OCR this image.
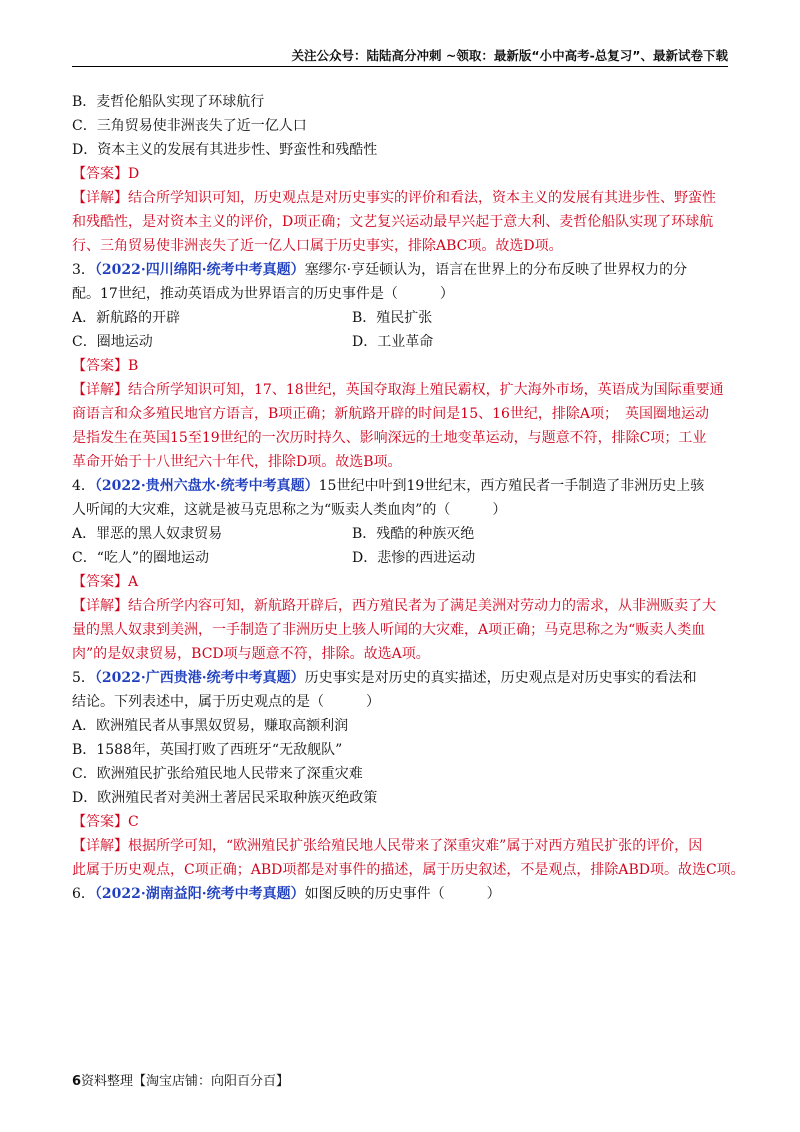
关注公众号：陆陆高分冲刺 ~领取：最新版“小中高考-总复习”、最新试卷下载
B．麦哲伦船队实现了环球航行
C．三角贸易使非洲丧失了近一亿人口
D．资本主义的发展有其进步性、野蛮性和残酷性
【答案】D
【详解】结合所学知识可知，历史观点是对历史事实的评价和看法，资本主义的发展有其进步性、野蛮性
和残酷性，是对资本主义的评价，D项正确；文艺复兴运动最早兴起于意大利、麦哲伦船队实现了环球航
行、三角贸易使非洲丧失了近一亿人口属于历史事实，排除ABC项。故选D项。
3．（2022·四川绵阳·统考中考真题）塞缪尔·亨廷顿认为，语言在世界上的分布反映了世界权力的分
配。17世纪，推动英语成为世界语言的历史事件是（　　　）
A．新航路的开辟	B．殖民扩张
C．圈地运动	D．工业革命
【答案】B
【详解】结合所学知识可知，17、18世纪，英国夺取海上殖民霸权，扩大海外市场，英语成为国际重要通
商语言和众多殖民地官方语言，B项正确；新航路开辟的时间是15、16世纪，排除A项；　英国圈地运动
是指发生在英国15至19世纪的一次历时持久、影响深远的土地变革运动，与题意不符，排除C项；工业
革命开始于十八世纪六十年代，排除D项。故选B项。
4．（2022·贵州六盘水·统考中考真题）15世纪中叶到19世纪末，西方殖民者一手制造了非洲历史上骇
人听闻的大灾难，这就是被马克思称之为“贩卖人类血肉”的（　　　）
A．罪恶的黑人奴隶贸易	B．残酷的种族灭绝
C．“吃人”的圈地运动	D．悲惨的西进运动
【答案】A
【详解】结合所学内容可知，新航路开辟后，西方殖民者为了满足美洲对劳动力的需求，从非洲贩卖了大
量的黑人奴隶到美洲，一手制造了非洲历史上骇人听闻的大灾难，A项正确；马克思称之为“贩卖人类血
肉”的是奴隶贸易，BCD项与题意不符，排除。故选A项。
5．（2022·广西贵港·统考中考真题）历史事实是对历史的真实描述，历史观点是对历史事实的看法和
结论。下列表述中，属于历史观点的是（　　　）
A．欧洲殖民者从事黑奴贸易，赚取高额利润
B．1588年，英国打败了西班牙“无敌舰队”
C．欧洲殖民扩张给殖民地人民带来了深重灾难
D．欧洲殖民者对美洲土著居民采取种族灭绝政策
【答案】C
【详解】根据所学可知，“欧洲殖民扩张给殖民地人民带来了深重灾难”属于对西方殖民扩张的评价，因
此属于历史观点，C项正确；ABD项都是对事件的描述，属于历史叙述，不是观点，排除ABD项。故选C项。
6．（2022·湖南益阳·统考中考真题）如图反映的历史事件（　　　）
6资料整理【淘宝店铺：向阳百分百】
